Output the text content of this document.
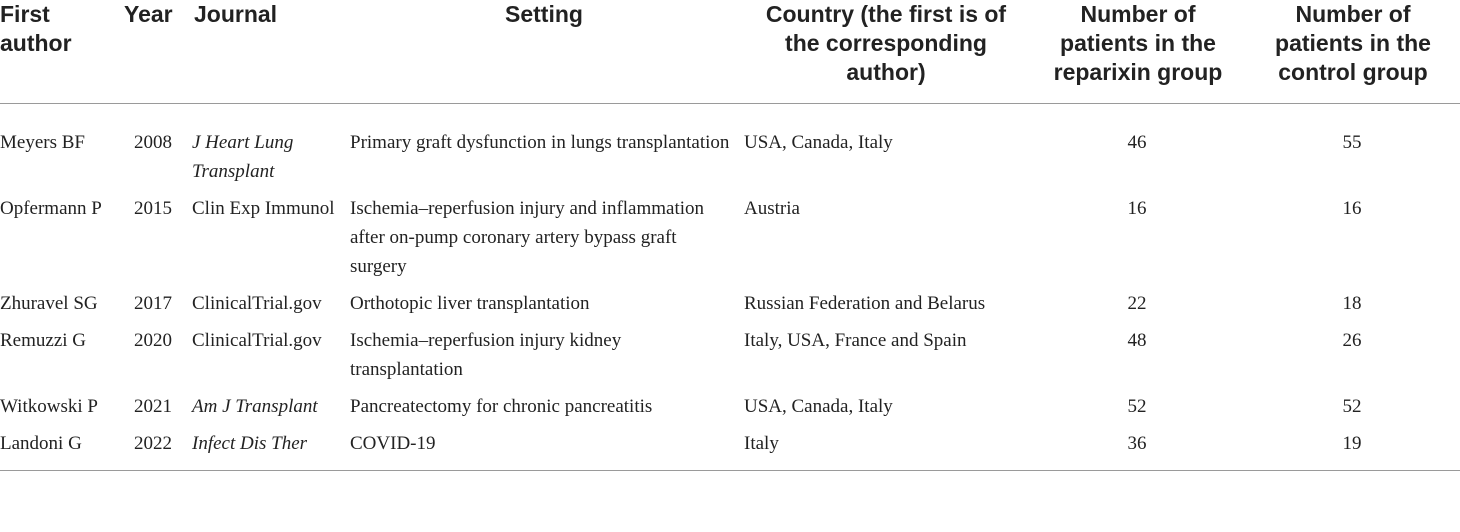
First author	Year	Journal	Setting	Country (the first is of the corresponding author)	Number of patients in the reparixin group	Number of patients in the control group
Meyers BF	2008	J Heart Lung Transplant	Primary graft dysfunction in lungs transplantation	USA, Canada, Italy	46	55
Opfermann P	2015	Clin Exp Immunol	Ischemia–reperfusion injury and inflammation after on-pump coronary artery bypass graft surgery	Austria	16	16
Zhuravel SG	2017	ClinicalTrial.gov	Orthotopic liver transplantation	Russian Federation and Belarus	22	18
Remuzzi G	2020	ClinicalTrial.gov	Ischemia–reperfusion injury kidney transplantation	Italy, USA, France and Spain	48	26
Witkowski P	2021	Am J Transplant	Pancreatectomy for chronic pancreatitis	USA, Canada, Italy	52	52
Landoni G	2022	Infect Dis Ther	COVID-19	Italy	36	19
